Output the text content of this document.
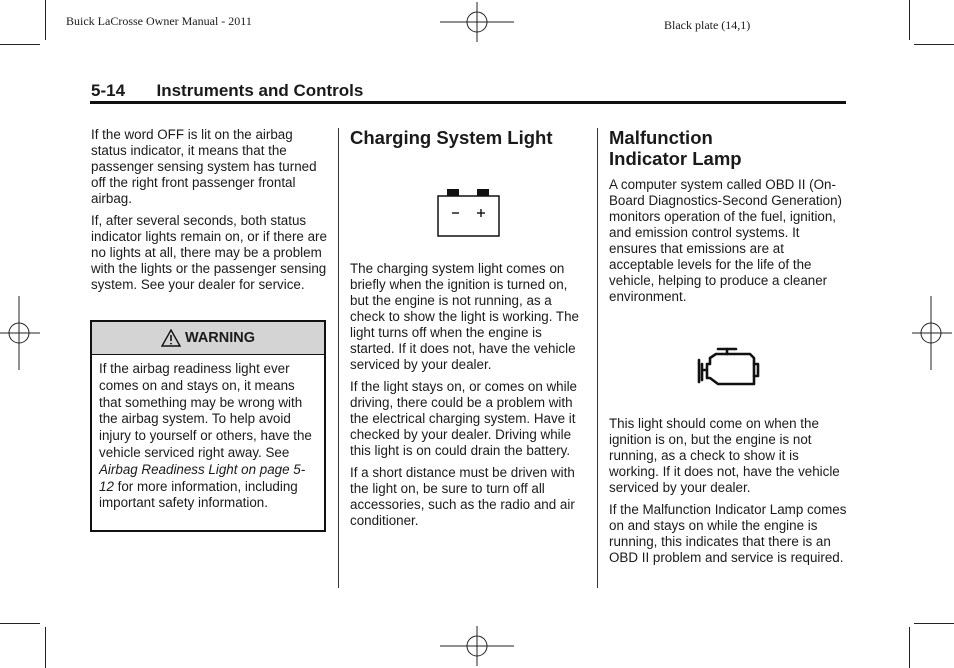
Buick LaCrosse Owner Manual - 2011	Black plate (14,1)
5-14 Instruments and Controls

If the word OFF is lit on the airbag status indicator, it means that the passenger sensing system has turned off the right front passenger frontal airbag.

If, after several seconds, both status indicator lights remain on, or if there are no lights at all, there may be a problem with the lights or the passenger sensing system. See your dealer for service.

WARNING
If the airbag readiness light ever comes on and stays on, it means that something may be wrong with the airbag system. To help avoid injury to yourself or others, have the vehicle serviced right away. See Airbag Readiness Light on page 5-12 for more information, including important safety information.
Charging System Light

The charging system light comes on briefly when the ignition is turned on, but the engine is not running, as a check to show the light is working. The light turns off when the engine is started. If it does not, have the vehicle serviced by your dealer.

If the light stays on, or comes on while driving, there could be a problem with the electrical charging system. Have it checked by your dealer. Driving while this light is on could drain the battery.

If a short distance must be driven with the light on, be sure to turn off all accessories, such as the radio and air conditioner.

Malfunction
Indicator Lamp

A computer system called OBD II (On-Board Diagnostics-Second Generation) monitors operation of the fuel, ignition, and emission control systems. It ensures that emissions are at acceptable levels for the life of the vehicle, helping to produce a cleaner environment.

This light should come on when the ignition is on, but the engine is not running, as a check to show it is working. If it does not, have the vehicle serviced by your dealer.

If the Malfunction Indicator Lamp comes on and stays on while the engine is running, this indicates that there is an OBD II problem and service is required.
